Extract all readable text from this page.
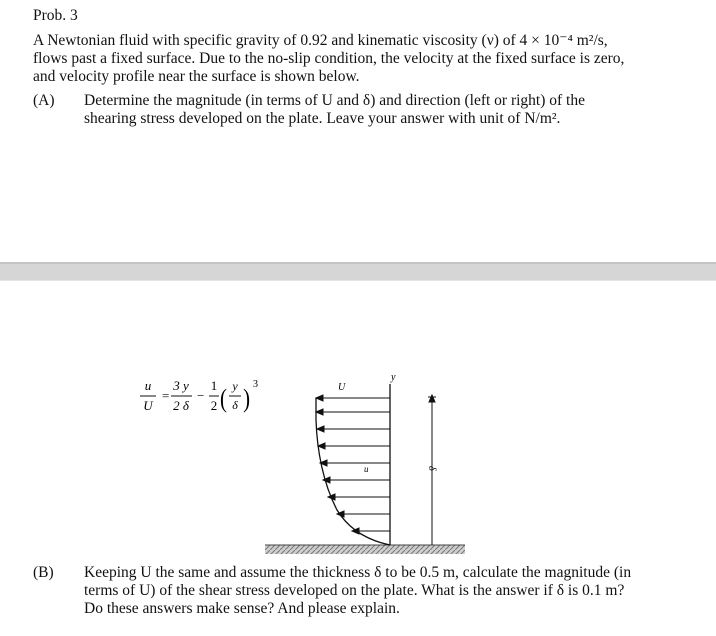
Prob. 3
A Newtonian fluid with specific gravity of 0.92 and kinematic viscosity (ν) of 4 × 10⁻⁴ m²/s,
flows past a fixed surface. Due to the no-slip condition, the velocity at the fixed surface is zero,
and velocity profile near the surface is shown below.
(A) Determine the magnitude (in terms of U and δ) and direction (left or right) of the
shearing stress developed on the plate. Leave your answer with unit of N/m².
(B) Keeping U the same and assume the thickness δ to be 0.5 m, calculate the magnitude (in
terms of U) of the shear stress developed on the plate. What is the answer if δ is 0.1 m?
Do these answers make sense? And please explain.
u
U
=
3 y
2 δ
−
1
2 ( y
δ )
3
y
U
u	δ
